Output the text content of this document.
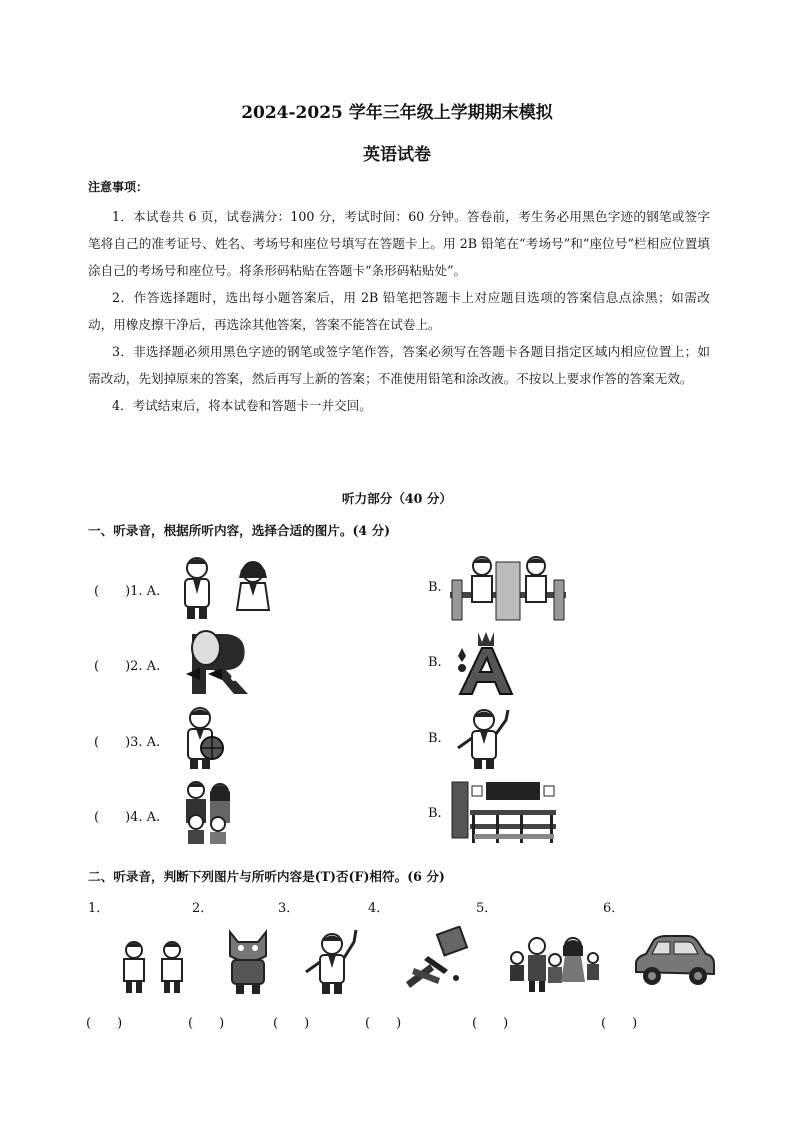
2024-2025 学年三年级上学期期末模拟
英语试卷
注意事项：

1．本试卷共 6 页，试卷满分：100 分，考试时间：60 分钟。答卷前，考生务必用黑色字迹的钢笔或签字笔将自己的准考证号、姓名、考场号和座位号填写在答题卡上。用 2B 铅笔在“考场号”和“座位号”栏相应位置填涂自己的考场号和座位号。将条形码粘贴在答题卡“条形码粘贴处”。

2．作答选择题时，选出每小题答案后，用 2B 铅笔把答题卡上对应题目选项的答案信息点涂黑；如需改动，用橡皮擦干净后，再选涂其他答案，答案不能答在试卷上。

3．非选择题必须用黑色字迹的钢笔或签字笔作答，答案必须写在答题卡各题目指定区域内相应位置上；如需改动，先划掉原来的答案，然后再写上新的答案；不准使用铅笔和涂改液。不按以上要求作答的答案无效。

4．考试结束后，将本试卷和答题卡一并交回。

听力部分（40 分）
一、听录音，根据所听内容，选择合适的图片。(4 分)
(　　)1. A.	B.
(　　)2. A.	B.
(　　)3. A.	B.
(　　)4. A.	B.
二、听录音，判断下列图片与所听内容是(T)否(F)相符。(6 分)
1．	2．	3．	4．	5．	6．
(　　)	(　　)	(　　)	(　　)	(　　)	(　　)
